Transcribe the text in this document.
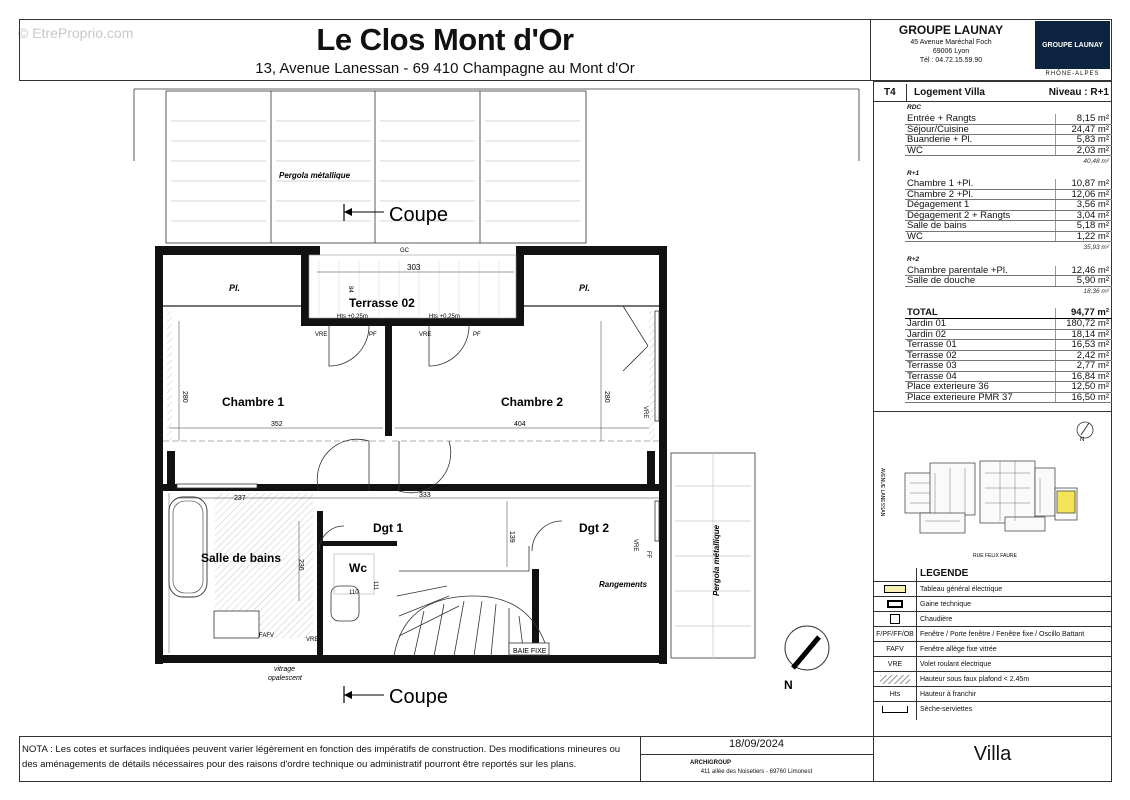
© EtreProprio.com	Le Clos Mont d'Or
13, Avenue Lanessan - 69 410 Champagne au Mont d'Or
GROUPE LAUNAY
45 Avenue Maréchal Foch
69006 Lyon
Tél : 04.72.15.59.90
GROUPE LAUNAY
RHÔNE-ALPES
T4 Logement Villa	Niveau : R+1
RDC
Entrée + Rangts	8,15 m²
Séjour/Cuisine	24,47 m²
Buanderie + Pl.	5,83 m²
WC	2,03 m²
40,48 m²
R+1
Chambre 1 +Pl.	10,87 m²
Chambre 2 +Pl.	12,06 m²
Dégagement 1	3,56 m²
Dégagement 2 + Rangts	3,04 m²
Salle de bains	5,18 m²
WC	1,22 m²
35,93 m²
R+2
Chambre parentale +Pl.	12,46 m²
Salle de douche	5,90 m²
18,36 m²
TOTAL	94,77 m²
Jardin 01	180,72 m²
Jardin 02	18,14 m²
Terrasse 01	16,53 m²
Terrasse 02	2,42 m²
Terrasse 03	2,77 m²
Terrasse 04	16,84 m²
Place exterieure 36	12,50 m²
Place exterieure PMR 37	16,50 m²
AVENUE LANESSAN
RUE FELIX FAURE
N
LEGENDE
Tableau général électrique
Gaine technique
Chaudière
F/PF/FF/OB Fenêtre / Porte fenêtre / Fenêtre fixe / Oscillo Battant
FAFV	Fenêtre allège fixe vitrée
VRE	Volet roulant électrique
Hauteur sous faux plafond < 2.45m
Hts	Hauteur à franchir
Sèche-serviettes
NOTA : Les cotes et surfaces indiquées peuvent varier légèrement en fonction des impératifs de construction. Des modifications mineures ou des aménagements de détails nécessaires pour des raisons d'ordre technique ou administratif pourront être reportés sur les plans.
18/09/2024
ARCHIGROUP
411 allée des Noisetiers - 69760 Limonest
Villa
Pergola métallique
Coupe
Coupe
Terrasse 02
Chambre 1	Chambre 2
Salle de bains
Wc
Dgt 1	Dgt 2
Rangements
Pl.	Pl.
BAIE FIXE
vitrage
opalescent
Hts +0.25m	Hts +0.25m
303
GC
84
280	280
352	404
333
237
236
139
110
111
VRE	VRE
VRE
VRE
VRE
PF	PF
FAFV
FF	Pergola métallique
N
